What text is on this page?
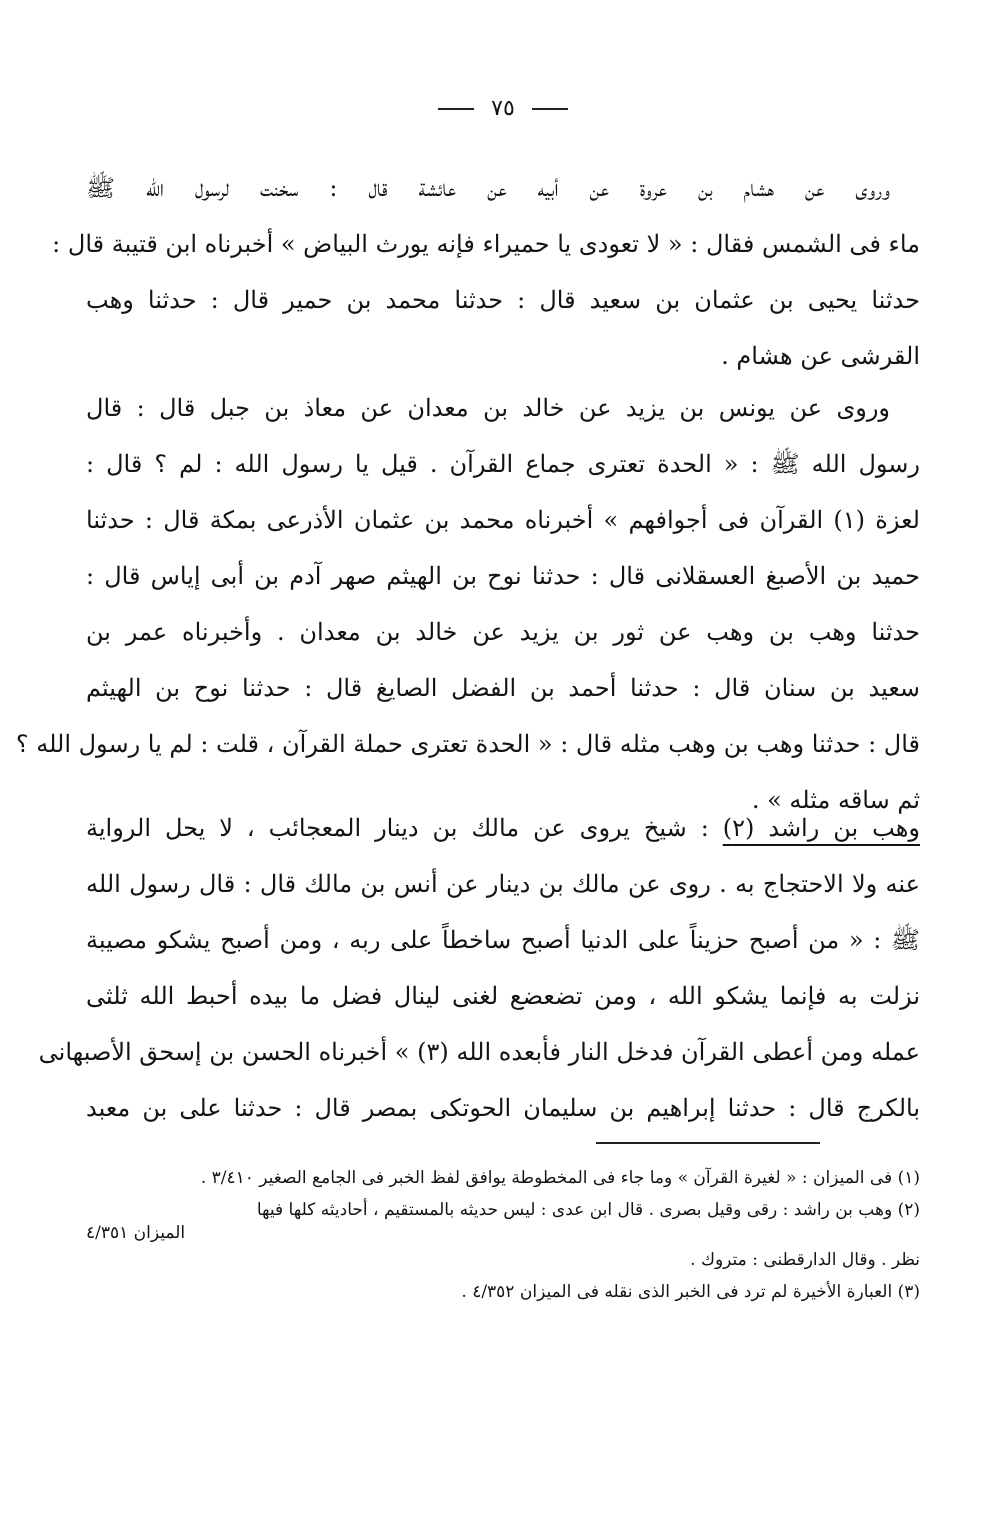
٧٥
وروى عن هشام بن عروة عن أبيه عن عائشة قال : سخنت لرسول الله ﷺ
ماء فى الشمس فقال : « لا تعودى يا حميراء فإنه يورث البياض » أخبرناه ابن قتيبة قال :
حدثنا يحيى بن عثمان بن سعيد قال : حدثنا محمد بن حمير قال : حدثنا وهب
القرشى عن هشام .
وروى عن يونس بن يزيد عن خالد بن معدان عن معاذ بن جبل قال : قال
رسول الله ﷺ : « الحدة تعترى جماع القرآن . قيل يا رسول الله : لم ؟ قال :
لعزة (١) القرآن فى أجوافهم » أخبرناه محمد بن عثمان الأذرعى بمكة قال : حدثنا
حميد بن الأصبغ العسقلانى قال : حدثنا نوح بن الهيثم صهر آدم بن أبى إياس قال :
حدثنا وهب بن وهب عن ثور بن يزيد عن خالد بن معدان . وأخبرناه عمر بن
سعيد بن سنان قال : حدثنا أحمد بن الفضل الصايغ قال : حدثنا نوح بن الهيثم
قال : حدثنا وهب بن وهب مثله قال : « الحدة تعترى حملة القرآن ، قلت : لم يا رسول الله ؟
ثم ساقه مثله » .
وهب بن راشد (٢) : شيخ يروى عن مالك بن دينار المعجائب ، لا يحل الرواية
عنه ولا الاحتجاج به . روى عن مالك بن دينار عن أنس بن مالك قال : قال رسول الله
ﷺ : « من أصبح حزيناً على الدنيا أصبح ساخطاً على ربه ، ومن أصبح يشكو مصيبة
نزلت به فإنما يشكو الله ، ومن تضعضع لغنى لينال فضل ما بيده أحبط الله ثلثى
عمله ومن أعطى القرآن فدخل النار فأبعده الله (٣) » أخبرناه الحسن بن إسحق الأصبهانى
بالكرج قال : حدثنا إبراهيم بن سليمان الحوتكى بمصر قال : حدثنا على بن معبد
(١) فى الميزان : « لغيرة القرآن » وما جاء فى المخطوطة يوافق لفظ الخبر فى الجامع الصغير ٣/٤١٠ .
(٢) وهب بن راشد : رقى وقيل بصرى . قال ابن عدى : ليس حديثه بالمستقيم ، أحاديثه كلها فيها
الميزان ٤/٣٥١
نظر . وقال الدارقطنى : متروك .
(٣) العبارة الأخيرة لم ترد فى الخبر الذى نقله فى الميزان ٤/٣٥٢ .
